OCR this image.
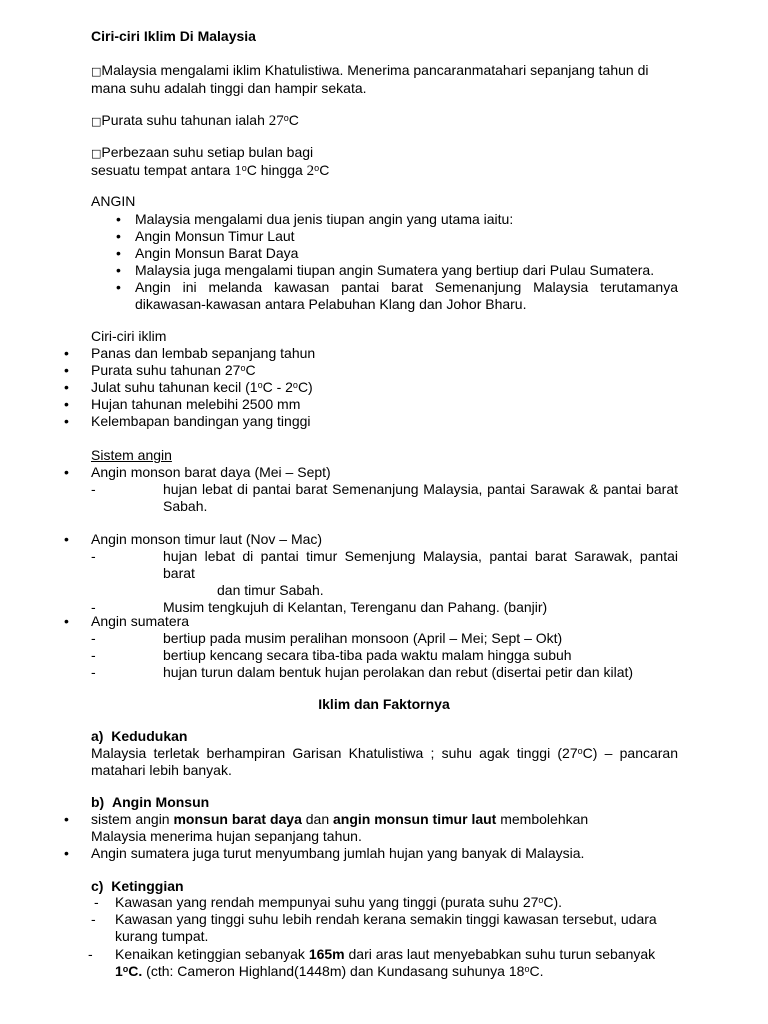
Ciri-ciri Iklim Di Malaysia
□Malaysia mengalami iklim Khatulistiwa. Menerima pancaranmatahari sepanjang tahun di
mana suhu adalah tinggi dan hampir sekata.
□Purata suhu tahunan ialah 27$^o$C
□Perbezaan suhu setiap bulan bagi
sesuatu tempat antara 1$^o$C hingga 2$^o$C
ANGIN
• Malaysia mengalami dua jenis tiupan angin yang utama iaitu:
• Angin Monsun Timur Laut
• Angin Monsun Barat Daya
• Malaysia juga mengalami tiupan angin Sumatera yang bertiup dari Pulau Sumatera.
• Angin ini melanda kawasan pantai barat Semenanjung Malaysia terutamanya dikawasan-kawasan antara Pelabuhan Klang dan Johor Bharu.
Ciri-ciri iklim
• Panas dan lembab sepanjang tahun
• Purata suhu tahunan 27$^o$C
• Julat suhu tahunan kecil (1$^o$C - 2$^o$C)
• Hujan tahunan melebihi 2500 mm
• Kelembapan bandingan yang tinggi
Sistem angin
• Angin monson barat daya (Mei – Sept)
-	hujan lebat di pantai barat Semenanjung Malaysia, pantai Sarawak & pantai barat Sabah.
• Angin monson timur laut (Nov – Mac)
-	hujan lebat di pantai timur Semenjung Malaysia, pantai barat Sarawak, pantai barat
dan timur Sabah.
-	Musim tengkujuh di Kelantan, Terenganu dan Pahang. (banjir)
• Angin sumatera
-	bertiup pada musim peralihan monsoon (April – Mei; Sept – Okt)
-	bertiup kencang secara tiba-tiba pada waktu malam hingga subuh
-	hujan turun dalam bentuk hujan perolakan dan rebut (disertai petir dan kilat)
Iklim dan Faktornya
a) Kedudukan
Malaysia terletak berhampiran Garisan Khatulistiwa ; suhu agak tinggi (27$^o$C) – pancaran
matahari lebih banyak.
b) Angin Monsun
• sistem angin monsun barat daya dan angin monsun timur laut membolehkan
Malaysia menerima hujan sepanjang tahun.
• Angin sumatera juga turut menyumbang jumlah hujan yang banyak di Malaysia.
c) Ketinggian
- Kawasan yang rendah mempunyai suhu yang tinggi (purata suhu 27$^o$C).
- Kawasan yang tinggi suhu lebih rendah kerana semakin tinggi kawasan tersebut, udara
kurang tumpat.
- Kenaikan ketinggian sebanyak 165m dari aras laut menyebabkan suhu turun sebanyak
1$^o$C. (cth: Cameron Highland(1448m) dan Kundasang suhunya 18$^o$C.
